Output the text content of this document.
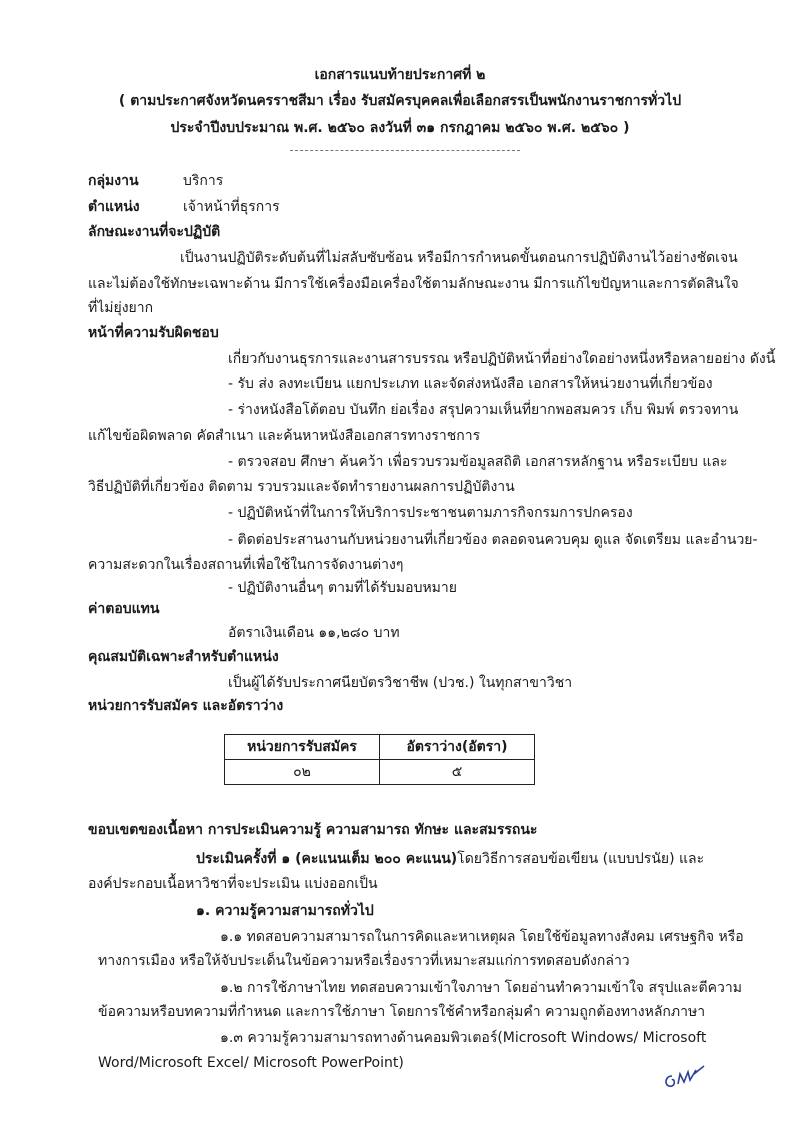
เอกสารแนบท้ายประกาศที่ ๒
( ตามประกาศจังหวัดนครราชสีมา เรื่อง รับสมัครบุคคลเพื่อเลือกสรรเป็นพนักงานราชการทั่วไป
ประจำปีงบประมาณ พ.ศ. ๒๕๖๐ ลงวันที่ ๓๑ กรกฎาคม ๒๕๖๐ พ.ศ. ๒๕๖๐ )
กลุ่มงาน	บริการ
ตำแหน่ง	เจ้าหน้าที่ธุรการ
ลักษณะงานที่จะปฏิบัติ
เป็นงานปฏิบัติระดับต้นที่ไม่สลับซับซ้อน หรือมีการกำหนดขั้นตอนการปฏิบัติงานไว้อย่างชัดเจน
และไม่ต้องใช้ทักษะเฉพาะด้าน มีการใช้เครื่องมือเครื่องใช้ตามลักษณะงาน มีการแก้ไขปัญหาและการตัดสินใจ
ที่ไม่ยุ่งยาก
หน้าที่ความรับผิดชอบ
เกี่ยวกับงานธุรการและงานสารบรรณ หรือปฏิบัติหน้าที่อย่างใดอย่างหนึ่งหรือหลายอย่าง ดังนี้
- รับ ส่ง ลงทะเบียน แยกประเภท และจัดส่งหนังสือ เอกสารให้หน่วยงานที่เกี่ยวข้อง
- ร่างหนังสือโต้ตอบ บันทึก ย่อเรื่อง สรุปความเห็นที่ยากพอสมควร เก็บ พิมพ์ ตรวจทาน
แก้ไขข้อผิดพลาด คัดสำเนา และค้นหาหนังสือเอกสารทางราชการ
- ตรวจสอบ ศึกษา ค้นคว้า เพื่อรวบรวมข้อมูลสถิติ เอกสารหลักฐาน หรือระเบียบ และ
วิธีปฏิบัติที่เกี่ยวข้อง ติดตาม รวบรวมและจัดทำรายงานผลการปฏิบัติงาน
- ปฏิบัติหน้าที่ในการให้บริการประชาชนตามภารกิจกรมการปกครอง
- ติดต่อประสานงานกับหน่วยงานที่เกี่ยวข้อง ตลอดจนควบคุม ดูแล จัดเตรียม และอำนวย-
ความสะดวกในเรื่องสถานที่เพื่อใช้ในการจัดงานต่างๆ
- ปฏิบัติงานอื่นๆ ตามที่ได้รับมอบหมาย
ค่าตอบแทน
อัตราเงินเดือน ๑๑,๒๘๐ บาท
คุณสมบัติเฉพาะสำหรับตำแหน่ง
เป็นผู้ได้รับประกาศนียบัตรวิชาชีพ (ปวช.) ในทุกสาขาวิชา
หน่วยการรับสมัคร และอัตราว่าง
หน่วยการรับสมัคร	อัตราว่าง(อัตรา)
๐๒	๕
ขอบเขตของเนื้อหา การประเมินความรู้ ความสามารถ ทักษะ และสมรรถนะ
ประเมินครั้งที่ ๑ (คะแนนเต็ม ๒๐๐ คะแนน)โดยวิธีการสอบข้อเขียน (แบบปรนัย) และ
องค์ประกอบเนื้อหาวิชาที่จะประเมิน แบ่งออกเป็น
๑. ความรู้ความสามารถทั่วไป
๑.๑ ทดสอบความสามารถในการคิดและหาเหตุผล โดยใช้ข้อมูลทางสังคม เศรษฐกิจ หรือ
ทางการเมือง หรือให้จับประเด็นในข้อความหรือเรื่องราวที่เหมาะสมแก่การทดสอบดังกล่าว
๑.๒ การใช้ภาษาไทย ทดสอบความเข้าใจภาษา โดยอ่านทำความเข้าใจ สรุปและตีความ
ข้อความหรือบทความที่กำหนด และการใช้ภาษา โดยการใช้คำหรือกลุ่มคำ ความถูกต้องทางหลักภาษา
๑.๓ ความรู้ความสามารถทางด้านคอมพิวเตอร์(Microsoft Windows/ Microsoft
Word/Microsoft Excel/ Microsoft PowerPoint)
